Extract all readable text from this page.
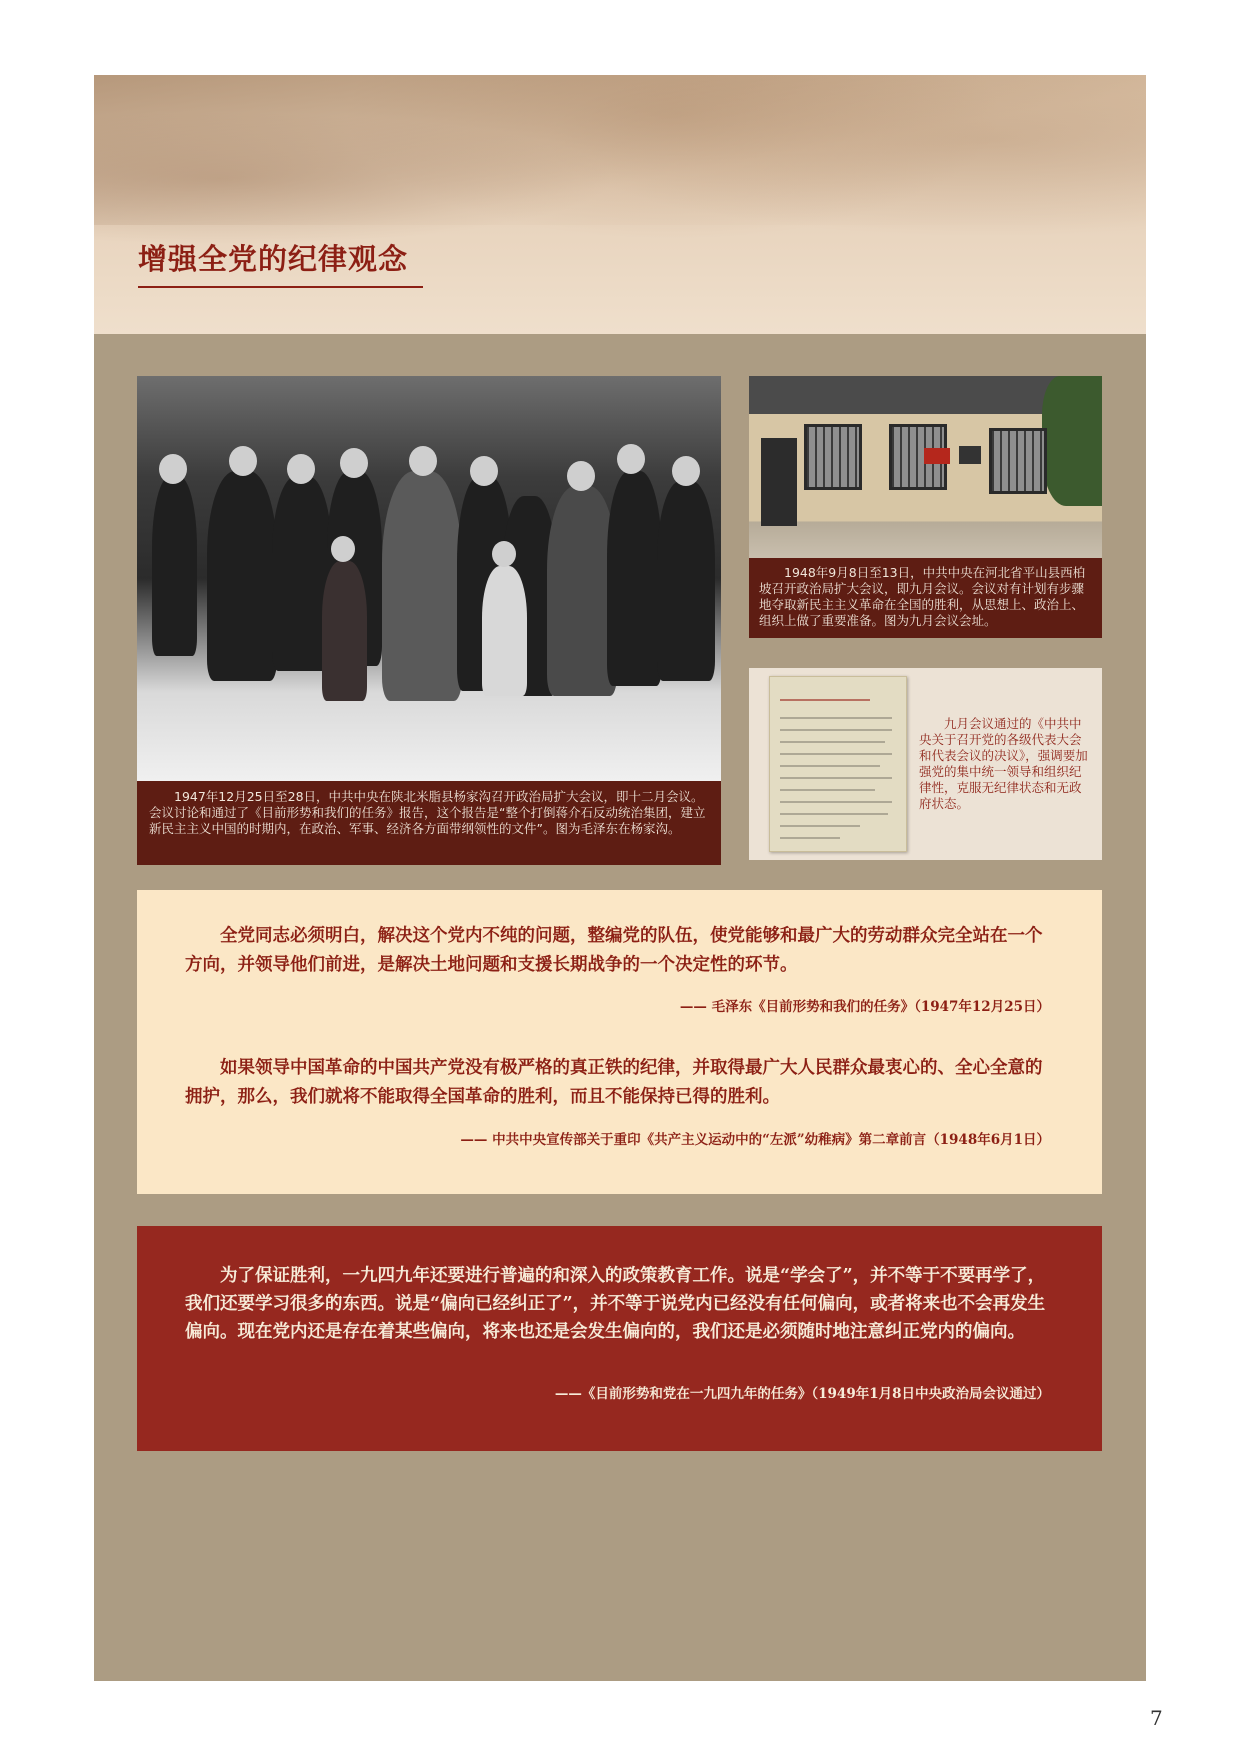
增强全党的纪律观念
1947年12月25日至28日，中共中央在陕北米脂县杨家沟召开政治局扩大会议，即十二月会议。会议讨论和通过了《目前形势和我们的任务》报告，这个报告是“整个打倒蒋介石反动统治集团，建立新民主主义中国的时期内，在政治、军事、经济各方面带纲领性的文件”。图为毛泽东在杨家沟。
1948年9月8日至13日，中共中央在河北省平山县西柏坡召开政治局扩大会议，即九月会议。会议对有计划有步骤地夺取新民主主义革命在全国的胜利，从思想上、政治上、组织上做了重要准备。图为九月会议会址。
九月会议通过的《中共中央关于召开党的各级代表大会和代表会议的决议》，强调要加强党的集中统一领导和组织纪律性，克服无纪律状态和无政府状态。
全党同志必须明白，解决这个党内不纯的问题，整编党的队伍，使党能够和最广大的劳动群众完全站在一个方向，并领导他们前进，是解决土地问题和支援长期战争的一个决定性的环节。
—— 毛泽东《目前形势和我们的任务》（1947年12月25日）
如果领导中国革命的中国共产党没有极严格的真正铁的纪律，并取得最广大人民群众最衷心的、全心全意的拥护，那么，我们就将不能取得全国革命的胜利，而且不能保持已得的胜利。
—— 中共中央宣传部关于重印《共产主义运动中的“左派”幼稚病》第二章前言（1948年6月1日）
为了保证胜利，一九四九年还要进行普遍的和深入的政策教育工作。说是“学会了”，并不等于不要再学了，我们还要学习很多的东西。说是“偏向已经纠正了”，并不等于说党内已经没有任何偏向，或者将来也不会再发生偏向。现在党内还是存在着某些偏向，将来也还是会发生偏向的，我们还是必须随时地注意纠正党内的偏向。
——《目前形势和党在一九四九年的任务》（1949年1月8日中央政治局会议通过）
7
